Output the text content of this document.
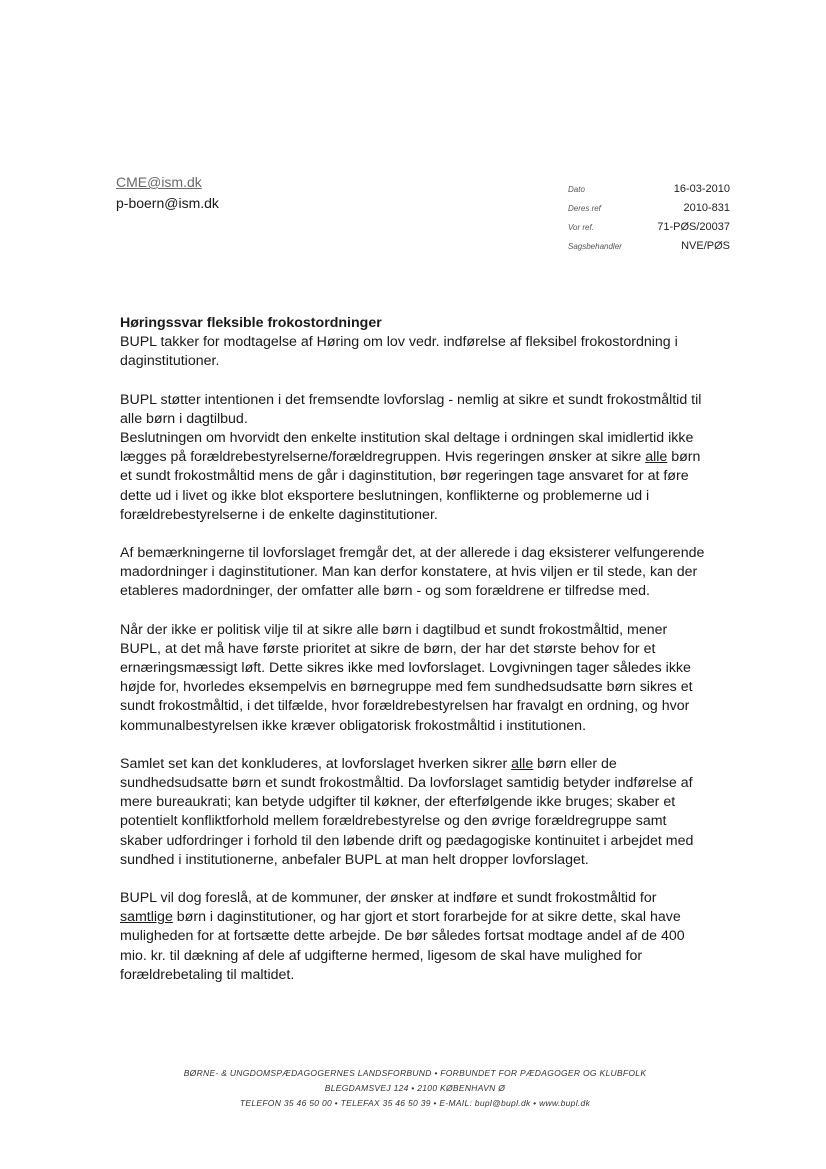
CME@ism.dk
p-boern@ism.dk
Dato	16-03-2010
Deres ref	2010-831
Vor ref.	71-PØS/20037
Sagsbehandler	NVE/PØS

Høringssvar fleksible frokostordninger

BUPL takker for modtagelse af Høring om lov vedr. indførelse af fleksibel frokostordning i
daginstitutioner.

BUPL støtter intentionen i det fremsendte lovforslag - nemlig at sikre et sundt frokostmåltid til
alle børn i dagtilbud.
Beslutningen om hvorvidt den enkelte institution skal deltage i ordningen skal imidlertid ikke
lægges på forældrebestyrelserne/forældregruppen. Hvis regeringen ønsker at sikre alle børn
et sundt frokostmåltid mens de går i daginstitution, bør regeringen tage ansvaret for at føre
dette ud i livet og ikke blot eksportere beslutningen, konflikterne og problemerne ud i
forældrebestyrelserne i de enkelte daginstitutioner.

Af bemærkningerne til lovforslaget fremgår det, at der allerede i dag eksisterer velfungerende
madordninger i daginstitutioner. Man kan derfor konstatere, at hvis viljen er til stede, kan der
etableres madordninger, der omfatter alle børn - og som forældrene er tilfredse med.

Når der ikke er politisk vilje til at sikre alle børn i dagtilbud et sundt frokostmåltid, mener
BUPL, at det må have første prioritet at sikre de børn, der har det største behov for et
ernæringsmæssigt løft. Dette sikres ikke med lovforslaget. Lovgivningen tager således ikke
højde for, hvorledes eksempelvis en børnegruppe med fem sundhedsudsatte børn sikres et
sundt frokostmåltid, i det tilfælde, hvor forældrebestyrelsen har fravalgt en ordning, og hvor
kommunalbestyrelsen ikke kræver obligatorisk frokostmåltid i institutionen.

Samlet set kan det konkluderes, at lovforslaget hverken sikrer alle børn eller de
sundhedsudsatte børn et sundt frokostmåltid. Da lovforslaget samtidig betyder indførelse af
mere bureaukrati; kan betyde udgifter til køkner, der efterfølgende ikke bruges; skaber et
potentielt konfliktforhold mellem forældrebestyrelse og den øvrige forældregruppe samt
skaber udfordringer i forhold til den løbende drift og pædagogiske kontinuitet i arbejdet med
sundhed i institutionerne, anbefaler BUPL at man helt dropper lovforslaget.

BUPL vil dog foreslå, at de kommuner, der ønsker at indføre et sundt frokostmåltid for
samtlige børn i daginstitutioner, og har gjort et stort forarbejde for at sikre dette, skal have
muligheden for at fortsætte dette arbejde. De bør således fortsat modtage andel af de 400
mio. kr. til dækning af dele af udgifterne hermed, ligesom de skal have mulighed for
forældrebetaling til maltidet.

BØRNE- & UNGDOMSPÆDAGOGERNES LANDSFORBUND • FORBUNDET FOR PÆDAGOGER OG KLUBFOLK
BLEGDAMSVEJ 124 • 2100 KØBENHAVN Ø
TELEFON 35 46 50 00 • TELEFAX 35 46 50 39 • E-MAIL: bupl@bupl.dk • www.bupl.dk
